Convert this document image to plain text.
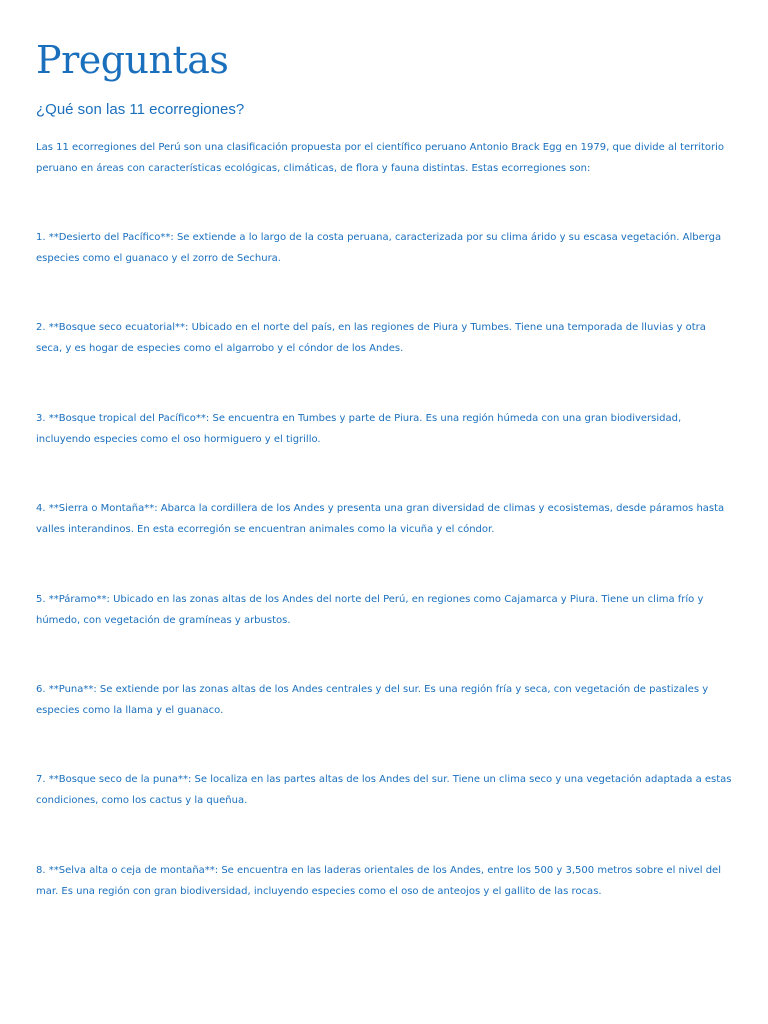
Preguntas
¿Qué son las 11 ecorregiones?

Las 11 ecorregiones del Perú son una clasificación propuesta por el científico peruano Antonio Brack Egg en 1979, que divide al territorio peruano en áreas con características ecológicas, climáticas, de flora y fauna distintas. Estas ecorregiones son:

1. **Desierto del Pacífico**: Se extiende a lo largo de la costa peruana, caracterizada por su clima árido y su escasa vegetación. Alberga especies como el guanaco y el zorro de Sechura.

2. **Bosque seco ecuatorial**: Ubicado en el norte del país, en las regiones de Piura y Tumbes. Tiene una temporada de lluvias y otra seca, y es hogar de especies como el algarrobo y el cóndor de los Andes.

3. **Bosque tropical del Pacífico**: Se encuentra en Tumbes y parte de Piura. Es una región húmeda con una gran biodiversidad, incluyendo especies como el oso hormiguero y el tigrillo.

4. **Sierra o Montaña**: Abarca la cordillera de los Andes y presenta una gran diversidad de climas y ecosistemas, desde páramos hasta valles interandinos. En esta ecorregión se encuentran animales como la vicuña y el cóndor.

5. **Páramo**: Ubicado en las zonas altas de los Andes del norte del Perú, en regiones como Cajamarca y Piura. Tiene un clima frío y húmedo, con vegetación de gramíneas y arbustos.

6. **Puna**: Se extiende por las zonas altas de los Andes centrales y del sur. Es una región fría y seca, con vegetación de pastizales y especies como la llama y el guanaco.

7. **Bosque seco de la puna**: Se localiza en las partes altas de los Andes del sur. Tiene un clima seco y una vegetación adaptada a estas condiciones, como los cactus y la queñua.

8. **Selva alta o ceja de montaña**: Se encuentra en las laderas orientales de los Andes, entre los 500 y 3,500 metros sobre el nivel del mar. Es una región con gran biodiversidad, incluyendo especies como el oso de anteojos y el gallito de las rocas.
